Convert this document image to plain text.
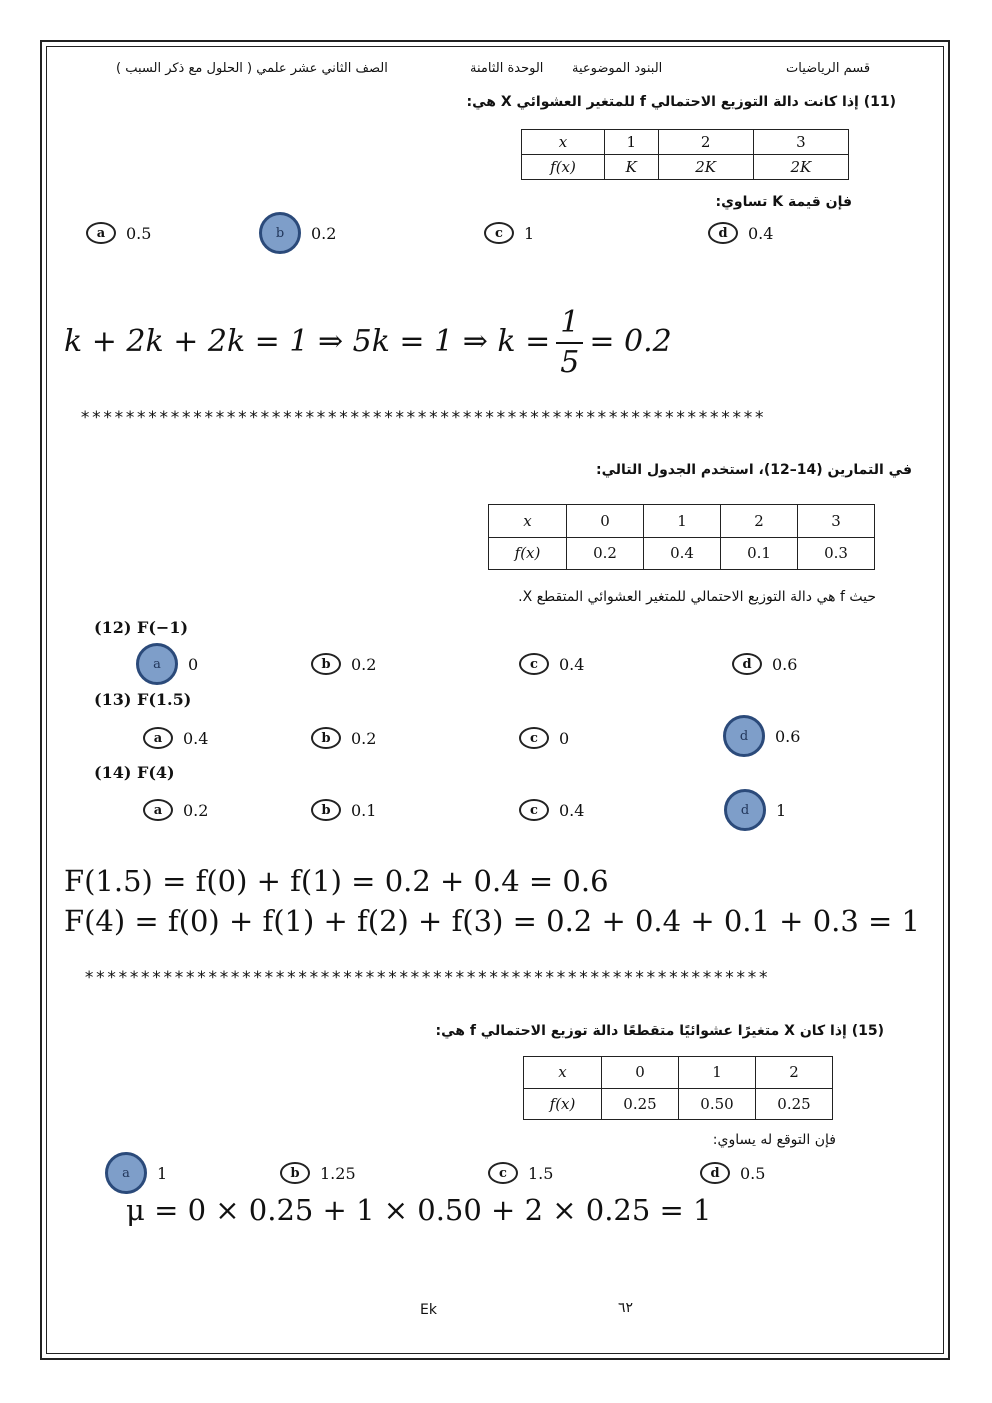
قسم الرياضيات
البنود الموضوعية
الوحدة الثامنة
الصف الثاني عشر علمي ( الحلول مع ذكر السبب )
(11) إذا كانت دالة التوزيع الاحتمالي f للمتغير العشوائي X هي:
x	1	2	3
f(x)	K	2K	2K
فإن قيمة K تساوي:
a	0.5	b	0.2	c	1	d	0.4
k + 2k + 2k = 1 ⇒ 5k = 1 ⇒ $k = \frac{1}{5} = 0.2$
*************************************************************
في التمارين (14–12)، استخدم الجدول التالي:
x	0	1	2	3
f(x)	0.2	0.4	0.1	0.3
حيث f هي دالة التوزيع الاحتمالي للمتغير العشوائي المتقطع X.
(12) F(−1)
a	0	b	0.2	c	0.4	d	0.6
(13) F(1.5)
a	0.4	b	0.2	c	0	d	0.6
(14) F(4)
a	0.2	b	0.1	c	0.4	d	1
F(1.5) = f(0) + f(1) = 0.2 + 0.4 = 0.6
F(4) = f(0) + f(1) + f(2) + f(3) = 0.2 + 0.4 + 0.1 + 0.3 = 1
*************************************************************
(15) إذا كان X متغيرًا عشوائيًا متقطعًا دالة توزيع الاحتمالي f هي:
x	0	1	2
f(x)	0.25	0.50	0.25
فإن التوقع له يساوي:
a	1	b	1.25	c	1.5	d	0.5
μ = 0 × 0.25 + 1 × 0.50 + 2 × 0.25 = 1
Ek	٦٢
